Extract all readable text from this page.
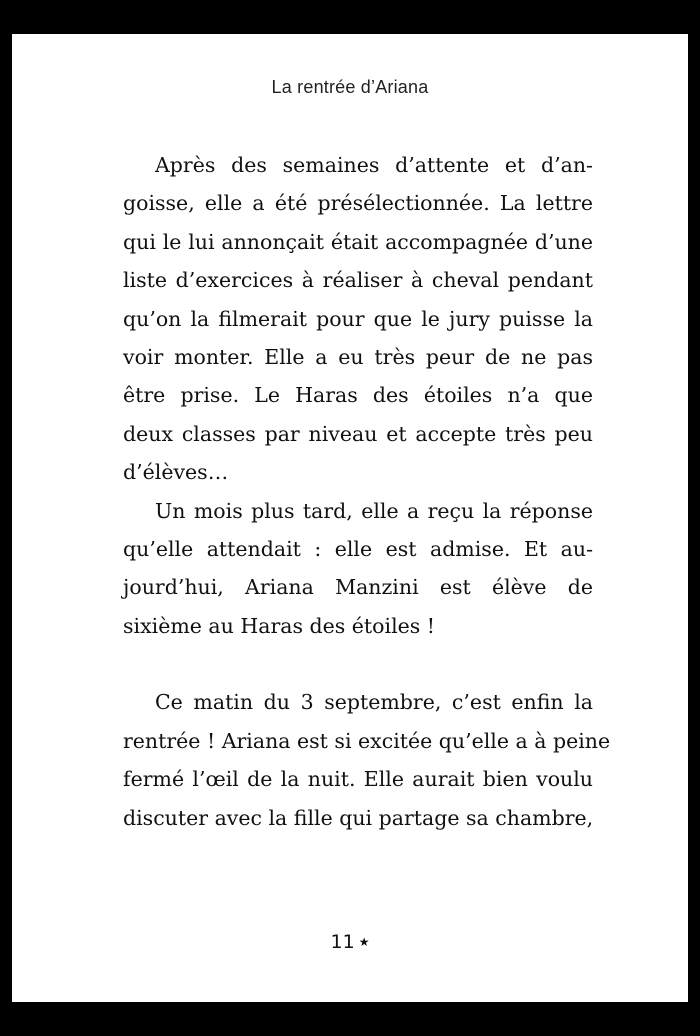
La rentrée d’Ariana
Après des semaines d’attente et d’an-
goisse, elle a été présélectionnée. La lettre
qui le lui annonçait était accompagnée d’une
liste d’exercices à réaliser à cheval pendant
qu’on la filmerait pour que le jury puisse la
voir monter. Elle a eu très peur de ne pas
être prise. Le Haras des étoiles n’a que
deux classes par niveau et accepte très peu
d’élèves…
Un mois plus tard, elle a reçu la réponse
qu’elle attendait : elle est admise. Et au-
jourd’hui, Ariana Manzini est élève de
sixième au Haras des étoiles !
Ce matin du 3 septembre, c’est enfin la
rentrée ! Ariana est si excitée qu’elle a à peine
fermé l’œil de la nuit. Elle aurait bien voulu
discuter avec la fille qui partage sa chambre,
11 ★
